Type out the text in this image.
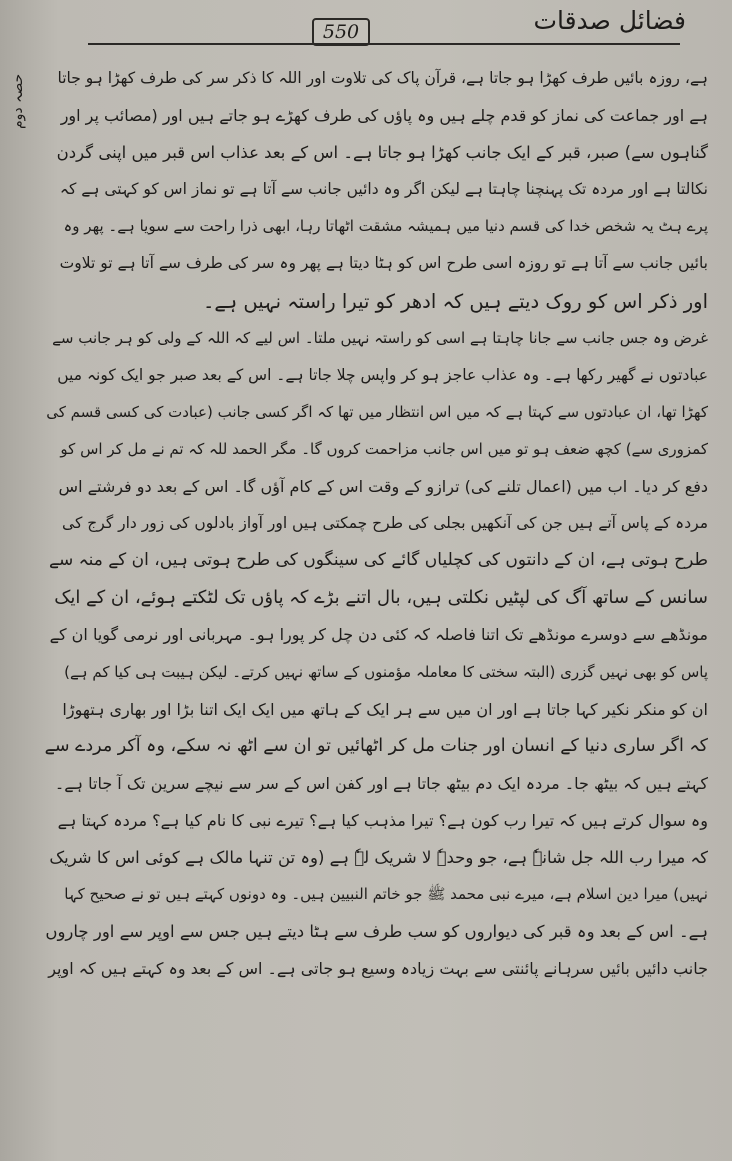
فضائل صدقات
550
حصہ دوم	ہے، روزہ بائیں طرف کھڑا ہو جاتا ہے، قرآن پاک کی تلاوت اور اللہ کا ذکر سر کی طرف کھڑا ہو جاتا
ہے اور جماعت کی نماز کو قدم چلے ہیں وہ پاؤں کی طرف کھڑے ہو جاتے ہیں اور (مصائب پر اور
گناہوں سے) صبر، قبر کے ایک جانب کھڑا ہو جاتا ہے۔ اس کے بعد عذاب اس قبر میں اپنی گردن
نکالتا ہے اور مردہ تک پہنچنا چاہتا ہے لیکن اگر وہ دائیں جانب سے آتا ہے تو نماز اس کو کہتی ہے کہ
پرے ہٹ یہ شخص خدا کی قسم دنیا میں ہمیشہ مشقت اٹھاتا رہا، ابھی ذرا راحت سے سویا ہے۔ پھر وہ
بائیں جانب سے آتا ہے تو روزہ اسی طرح اس کو ہٹا دیتا ہے پھر وہ سر کی طرف سے آتا ہے تو تلاوت
اور ذکر اس کو روک دیتے ہیں کہ ادھر کو تیرا راستہ نہیں ہے۔
غرض وہ جس جانب سے جانا چاہتا ہے اسی کو راستہ نہیں ملتا۔ اس لیے کہ اللہ کے ولی کو ہر جانب سے
عبادتوں نے گھیر رکھا ہے۔ وہ عذاب عاجز ہو کر واپس چلا جاتا ہے۔ اس کے بعد صبر جو ایک کونہ میں
کھڑا تھا، ان عبادتوں سے کہتا ہے کہ میں اس انتظار میں تھا کہ اگر کسی جانب (عبادت کی کسی قسم کی
کمزوری سے) کچھ ضعف ہو تو میں اس جانب مزاحمت کروں گا۔ مگر الحمد للہ کہ تم نے مل کر اس کو
دفع کر دیا۔ اب میں (اعمال تلنے کی) ترازو کے وقت اس کے کام آؤں گا۔ اس کے بعد دو فرشتے اس
مردہ کے پاس آتے ہیں جن کی آنکھیں بجلی کی طرح چمکتی ہیں اور آواز بادلوں کی زور دار گرج کی
طرح ہوتی ہے، ان کے دانتوں کی کچلیاں گائے کی سینگوں کی طرح ہوتی ہیں، ان کے منہ سے
سانس کے ساتھ آگ کی لپٹیں نکلتی ہیں، بال اتنے بڑے کہ پاؤں تک لٹکتے ہوئے، ان کے ایک
مونڈھے سے دوسرے مونڈھے تک اتنا فاصلہ کہ کئی دن چل کر پورا ہو۔ مہربانی اور نرمی گویا ان کے
پاس کو بھی نہیں گزری (البتہ سختی کا معاملہ مؤمنوں کے ساتھ نہیں کرتے۔ لیکن ہیبت ہی کیا کم ہے)
ان کو منکر نکیر کہا جاتا ہے اور ان میں سے ہر ایک کے ہاتھ میں ایک ایک اتنا بڑا اور بھاری ہتھوڑا
کہ اگر ساری دنیا کے انسان اور جنات مل کر اٹھائیں تو ان سے اٹھ نہ سکے، وہ آکر مردے سے
کہتے ہیں کہ بیٹھ جا۔ مردہ ایک دم بیٹھ جاتا ہے اور کفن اس کے سر سے نیچے سرین تک آ جاتا ہے۔
وہ سوال کرتے ہیں کہ تیرا رب کون ہے؟ تیرا مذہب کیا ہے؟ تیرے نبی کا نام کیا ہے؟ مردہ کہتا ہے
کہ میرا رب اللہ جل شانہٗ ہے، جو وحدہٗ لا شریک لہٗ ہے (وہ تن تنہا مالک ہے کوئی اس کا شریک
نہیں) میرا دین اسلام ہے، میرے نبی محمد ﷺ جو خاتم النبیین ہیں۔ وہ دونوں کہتے ہیں تو نے صحیح کہا
ہے۔ اس کے بعد وہ قبر کی دیواروں کو سب طرف سے ہٹا دیتے ہیں جس سے اوپر سے اور چاروں
جانب دائیں بائیں سرہانے پائنتی سے بہت زیادہ وسیع ہو جاتی ہے۔ اس کے بعد وہ کہتے ہیں کہ اوپر
